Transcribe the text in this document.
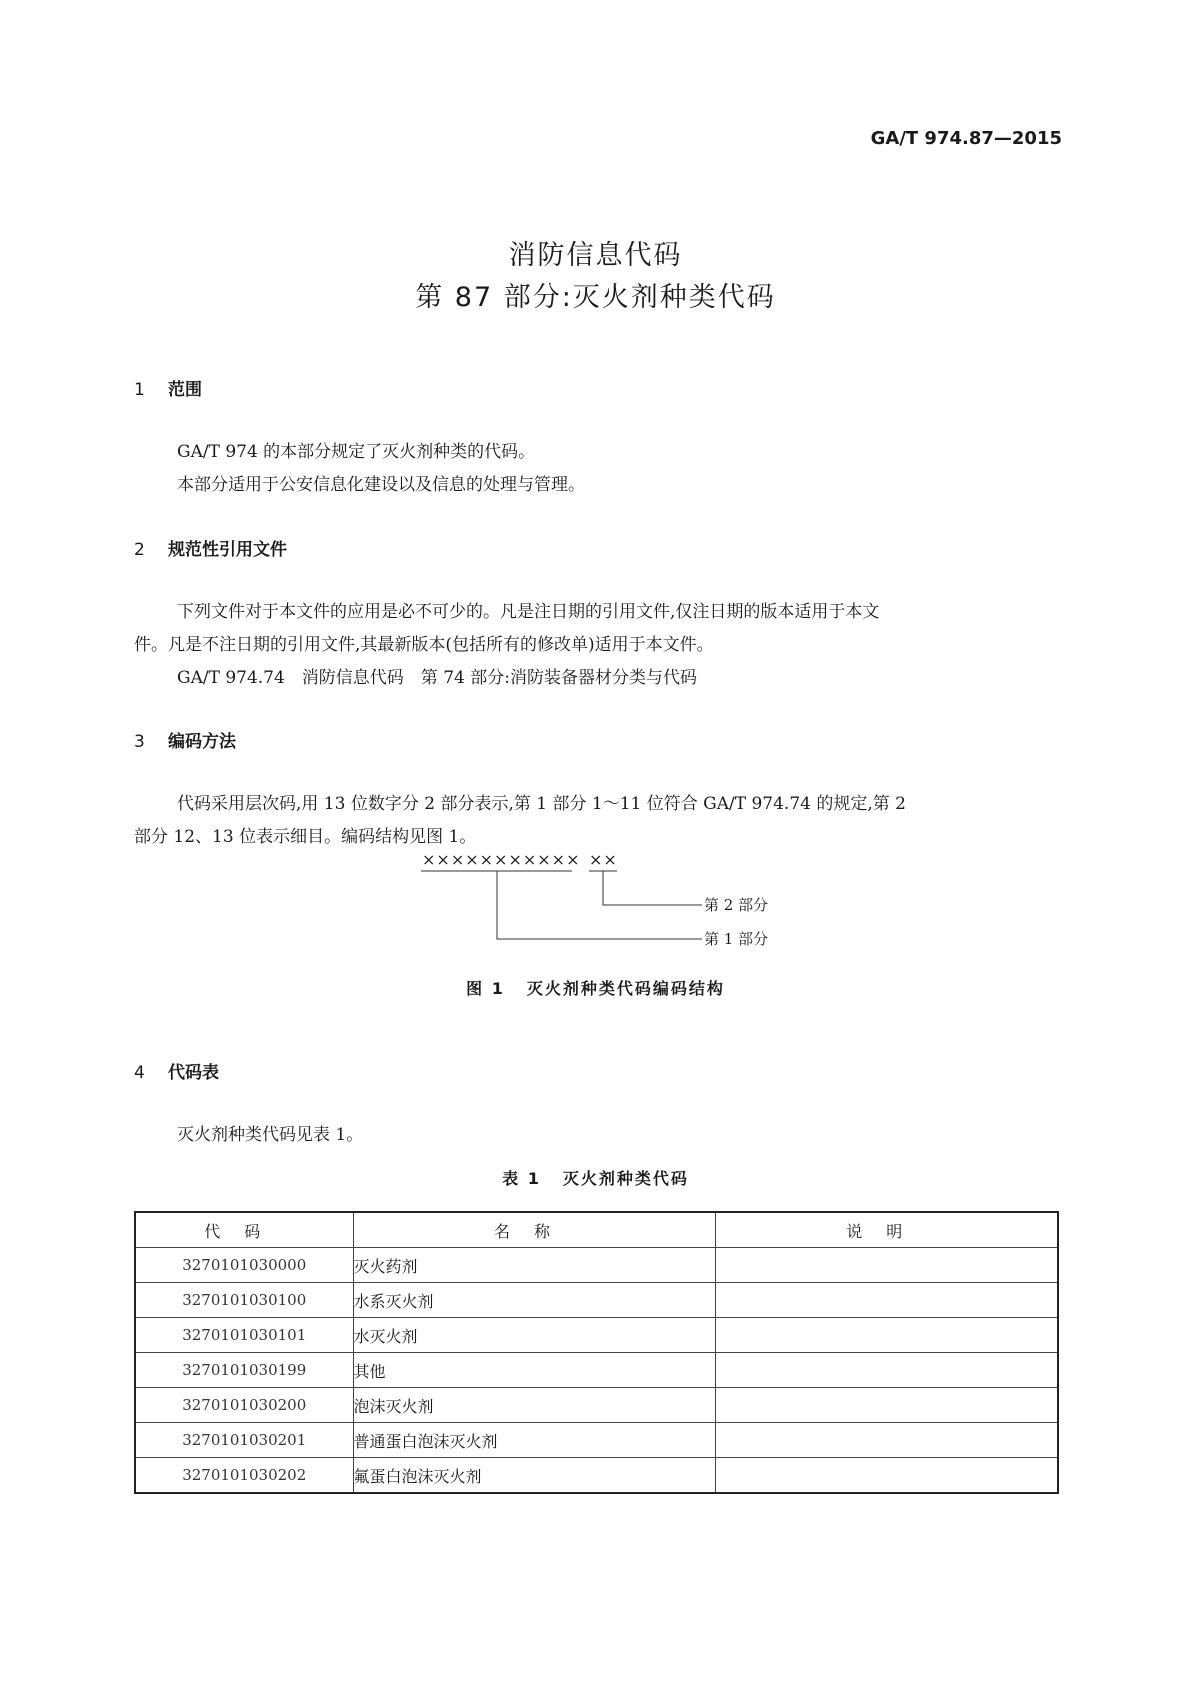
GA/T 974.87—2015
消防信息代码
第 87 部分:灭火剂种类代码
1 范围
GA/T 974 的本部分规定了灭火剂种类的代码。
本部分适用于公安信息化建设以及信息的处理与管理。
2 规范性引用文件
下列文件对于本文件的应用是必不可少的。凡是注日期的引用文件,仅注日期的版本适用于本文
件。凡是不注日期的引用文件,其最新版本(包括所有的修改单)适用于本文件。
GA/T 974.74　消防信息代码　第 74 部分:消防装备器材分类与代码
3 编码方法
代码采用层次码,用 13 位数字分 2 部分表示,第 1 部分 1～11 位符合 GA/T 974.74 的规定,第 2
部分 12、13 位表示细目。编码结构见图 1。
××××××××××× ××
第 2 部分
第 1 部分
图 1 灭火剂种类代码编码结构
4 代码表
灭火剂种类代码见表 1。
表 1 灭火剂种类代码
代码	名称	说明
3270101030000	灭火药剂	
3270101030100	水系灭火剂	
3270101030101	水灭火剂	
3270101030199	其他	
3270101030200	泡沫灭火剂	
3270101030201	普通蛋白泡沫灭火剂	
3270101030202	氟蛋白泡沫灭火剂	
